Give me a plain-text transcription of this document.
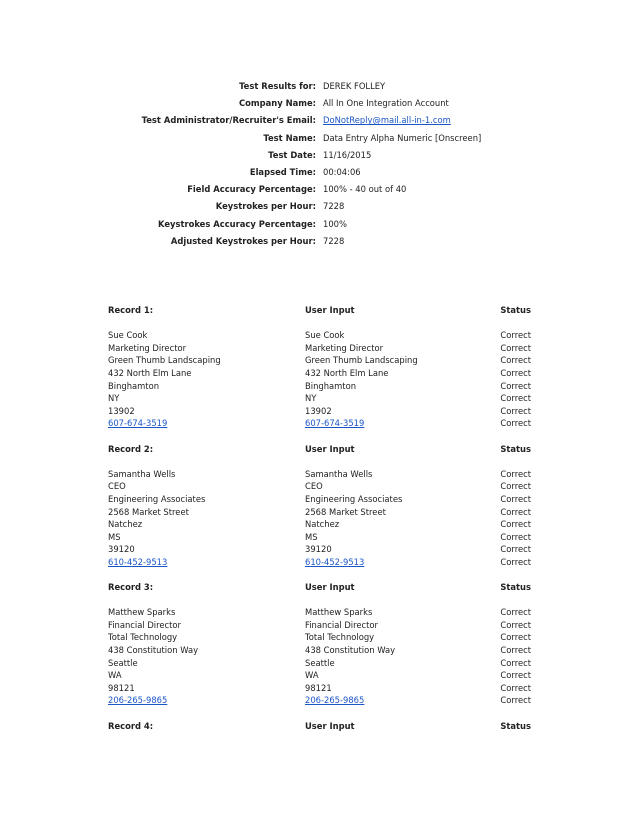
Test Results for: DEREK FOLLEY
Company Name: All In One Integration Account
Test Administrator/Recruiter's Email: DoNotReply@mail.all-in-1.com
Test Name: Data Entry Alpha Numeric [Onscreen]
Test Date: 11/16/2015
Elapsed Time: 00:04:06
Field Accuracy Percentage: 100% - 40 out of 40
Keystrokes per Hour: 7228
Keystrokes Accuracy Percentage: 100%
Adjusted Keystrokes per Hour: 7228
Record 1:	User Input	Status
Sue Cook	Sue Cook	Correct
Marketing Director	Marketing Director	Correct
Green Thumb Landscaping	Green Thumb Landscaping	Correct
432 North Elm Lane	432 North Elm Lane	Correct
Binghamton	Binghamton	Correct
NY	NY	Correct
13902	13902	Correct
607-674-3519	607-674-3519	Correct
Record 2:	User Input	Status
Samantha Wells	Samantha Wells	Correct
CEO	CEO	Correct
Engineering Associates	Engineering Associates	Correct
2568 Market Street	2568 Market Street	Correct
Natchez	Natchez	Correct
MS	MS	Correct
39120	39120	Correct
610-452-9513	610-452-9513	Correct
Record 3:	User Input	Status
Matthew Sparks	Matthew Sparks	Correct
Financial Director	Financial Director	Correct
Total Technology	Total Technology	Correct
438 Constitution Way	438 Constitution Way	Correct
Seattle	Seattle	Correct
WA	WA	Correct
98121	98121	Correct
206-265-9865	206-265-9865	Correct
Record 4:	User Input	Status
